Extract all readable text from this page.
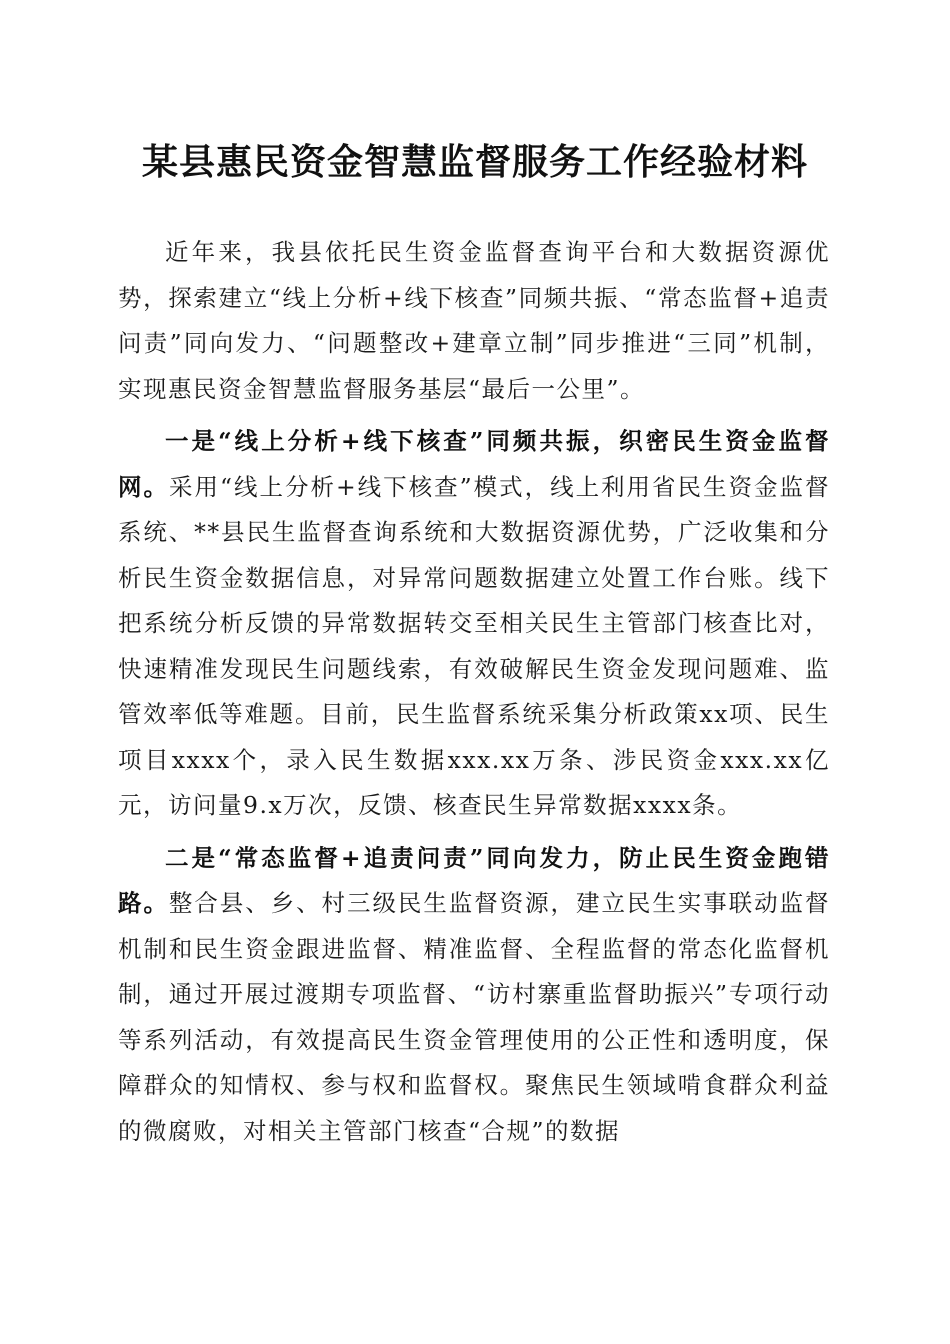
某县惠民资金智慧监督服务工作经验材料

近年来，我县依托民生资金监督查询平台和大数据资源优势，探索建立“线上分析+线下核查”同频共振、“常态监督+追责问责”同向发力、“问题整改+建章立制”同步推进“三同”机制，实现惠民资金智慧监督服务基层“最后一公里”。

一是“线上分析+线下核查”同频共振，织密民生资金监督网。采用“线上分析+线下核查”模式，线上利用省民生资金监督系统、**县民生监督查询系统和大数据资源优势，广泛收集和分析民生资金数据信息，对异常问题数据建立处置工作台账。线下把系统分析反馈的异常数据转交至相关民生主管部门核查比对，快速精准发现民生问题线索，有效破解民生资金发现问题难、监管效率低等难题。目前，民生监督系统采集分析政策xx项、民生项目xxxx个，录入民生数据xxx.xx万条、涉民资金xxx.xx亿元，访问量9.x万次，反馈、核查民生异常数据xxxx条。

二是“常态监督+追责问责”同向发力，防止民生资金跑错路。整合县、乡、村三级民生监督资源，建立民生实事联动监督机制和民生资金跟进监督、精准监督、全程监督的常态化监督机制，通过开展过渡期专项监督、“访村寨重监督助振兴”专项行动等系列活动，有效提高民生资金管理使用的公正性和透明度，保障群众的知情权、参与权和监督权。聚焦民生领域啃食群众利益的微腐败，对相关主管部门核查“合规”的数据
